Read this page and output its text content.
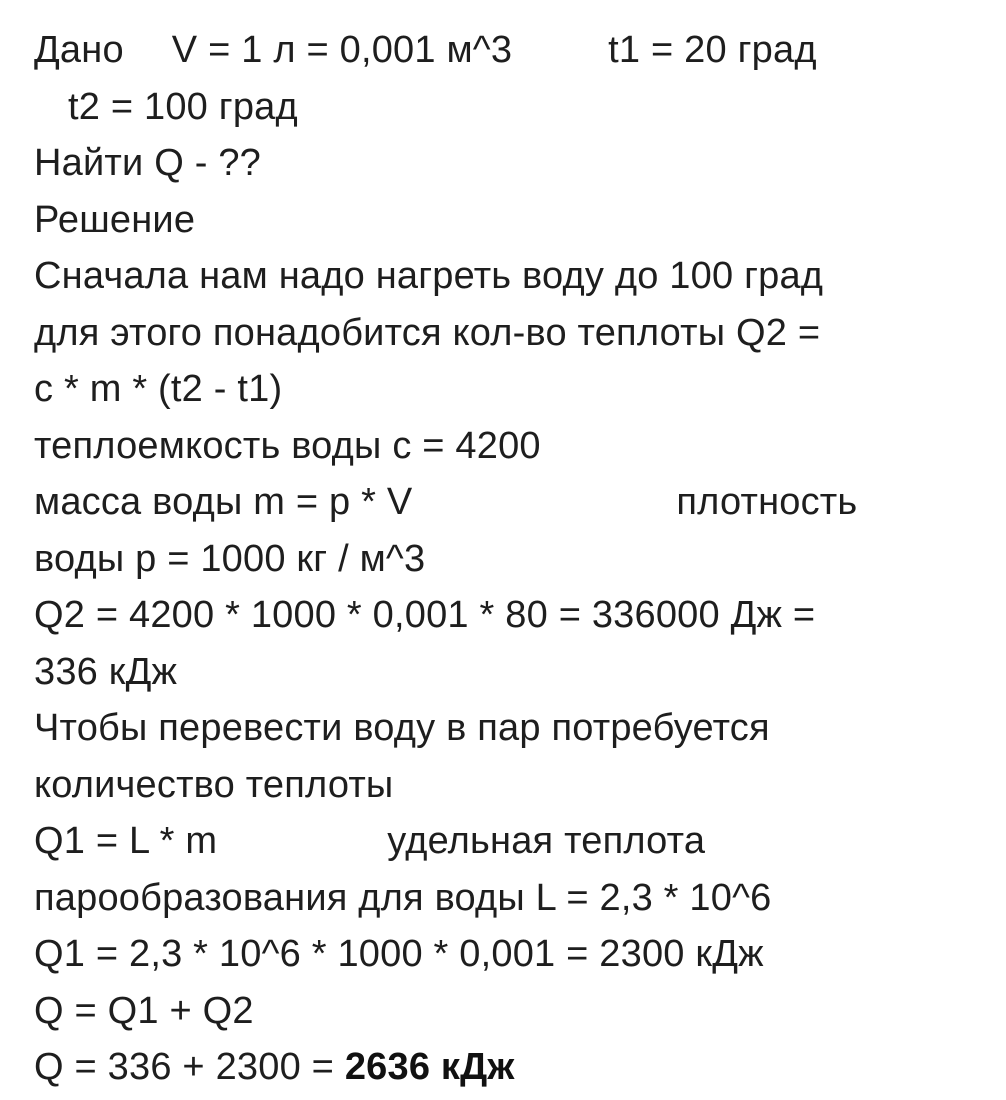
Дано V = 1 л = 0,001 м^3	t1 = 20 град
t2 = 100 град
Найти Q - ??
Решение
Сначала нам надо нагреть воду до 100 град
для этого понадобится кол-во теплоты Q2 =
c * m * (t2 - t1)
теплоемкость воды с = 4200
масса воды m = p * V	плотность
воды p = 1000 кг / м^3
Q2 = 4200 * 1000 * 0,001 * 80 = 336000 Дж =
336 кДж
Чтобы перевести воду в пар потребуется
количество теплоты
Q1 = L * m	удельная теплота
парообразования для воды L = 2,3 * 10^6
Q1 = 2,3 * 10^6 * 1000 * 0,001 = 2300 кДж
Q = Q1 + Q2
Q = 336 + 2300 = 2636 кДж
